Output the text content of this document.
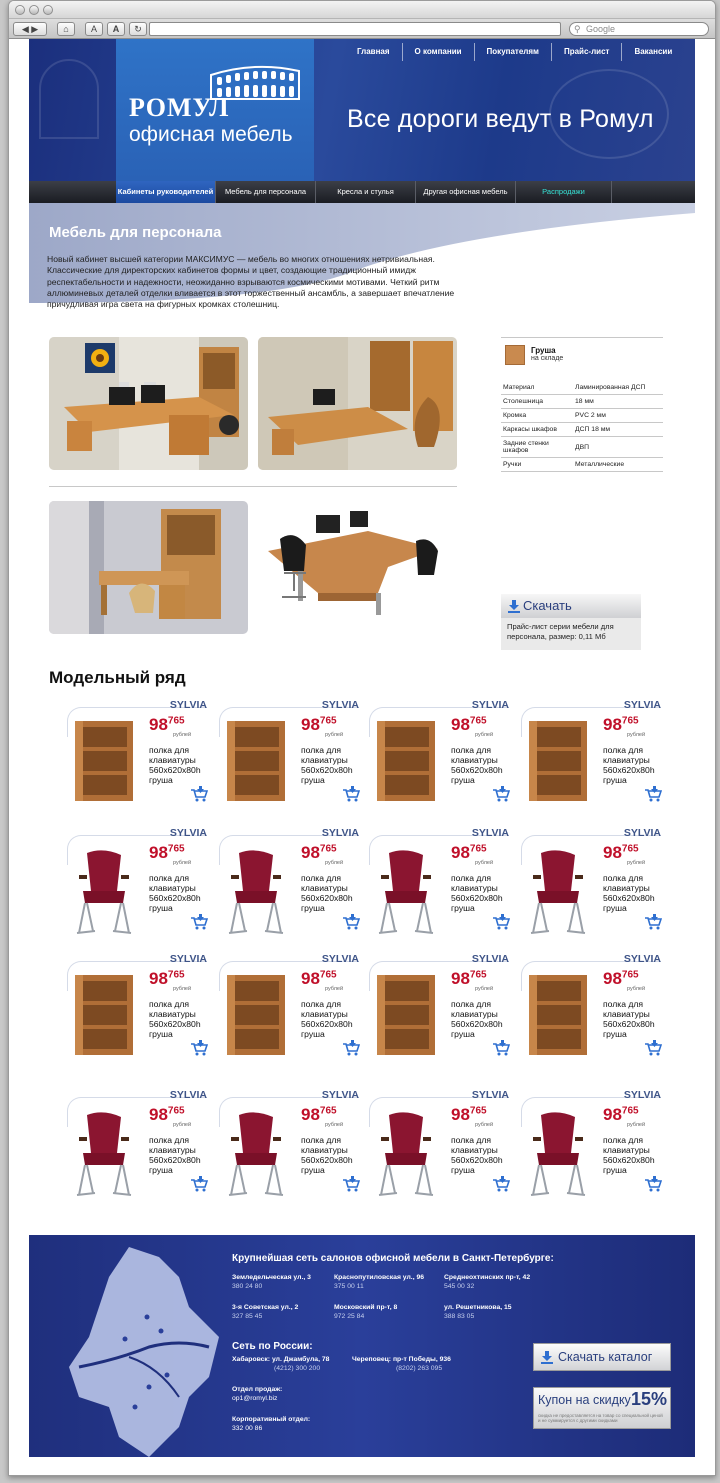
◀ ▶	⌂	A	A	↻	⚲ Google
РОМУЛ
офисная мебель
Все дороги ведут в Ромул
Главная	О компании	Покупателям	Прайс-лист	Вакансии
Кабинеты руководителей	Мебель для персонала	Кресла и стулья	Другая офисная мебель	Распродажи
Мебель для персонала
Новый кабинет высшей категории МАКСИМУС — мебель во многих отношениях нетривиальная. Классические для директорских кабинетов формы и цвет, создающие традиционный имидж респектабельности и надежности, неожиданно взрываются космическими мотивами. Четкий ритм аллюминевых деталей отделки вливается в этот торжественный ансамбль, а завершает впечатление причудливая игра света на фигурных кромках столешниц.
Груша
на складе
Материал	Ламинированная ДСП
Столешница	18 мм
Кромка	PVC 2 мм
Каркасы шкафов	ДСП 18 мм
Задние стенки шкафов	ДВП
Ручки	Металлические
Скачать
Прайс-лист серии мебели для персонала, размер: 0,11 Мб
Модельный ряд
SYLVIA
$98^{765}$
рублей
полка для клавиатуры 560x620x80h груша
SYLVIA
$98^{765}$
рублей
полка для клавиатуры 560x620x80h груша
SYLVIA
$98^{765}$
рублей
полка для клавиатуры 560x620x80h груша
SYLVIA
$98^{765}$
рублей
полка для клавиатуры 560x620x80h груша
SYLVIA
$98^{765}$
рублей
полка для клавиатуры 560x620x80h груша
SYLVIA
$98^{765}$
рублей
полка для клавиатуры 560x620x80h груша
SYLVIA
$98^{765}$
рублей
полка для клавиатуры 560x620x80h груша
SYLVIA
$98^{765}$
рублей
полка для клавиатуры 560x620x80h груша
SYLVIA
$98^{765}$
рублей
полка для клавиатуры 560x620x80h груша
SYLVIA
$98^{765}$
рублей
полка для клавиатуры 560x620x80h груша
SYLVIA
$98^{765}$
рублей
полка для клавиатуры 560x620x80h груша
SYLVIA
$98^{765}$
рублей
полка для клавиатуры 560x620x80h груша
SYLVIA
$98^{765}$
рублей
полка для клавиатуры 560x620x80h груша
SYLVIA
$98^{765}$
рублей
полка для клавиатуры 560x620x80h груша
SYLVIA
$98^{765}$
рублей
полка для клавиатуры 560x620x80h груша
SYLVIA
$98^{765}$
рублей
полка для клавиатуры 560x620x80h груша
Крупнейшая сеть салонов офисной мебели в Санкт-Петербурге:
Земледельческая ул., 3
380 24 80
Краснопутиловская ул., 96
375 00 11
Среднеохтинских пр-т, 42
545 00 32
3-я Советская ул., 2
327 85 45
Московский пр-т, 8
972 25 84
ул. Решетникова, 15
388 83 05
Сеть по России:
Хабаровск: ул. Джамбула, 78
(4212) 300 200
Череповец: пр-т Победы, 936
(8202) 263 095
Отдел продаж:
op1@romyl.biz
Корпоративный отдел:
332 00 86
Скачать каталог
Купон на скидку 15%
скидка не предоставляется на товар со специальной ценой и не суммируется с другими скидками
